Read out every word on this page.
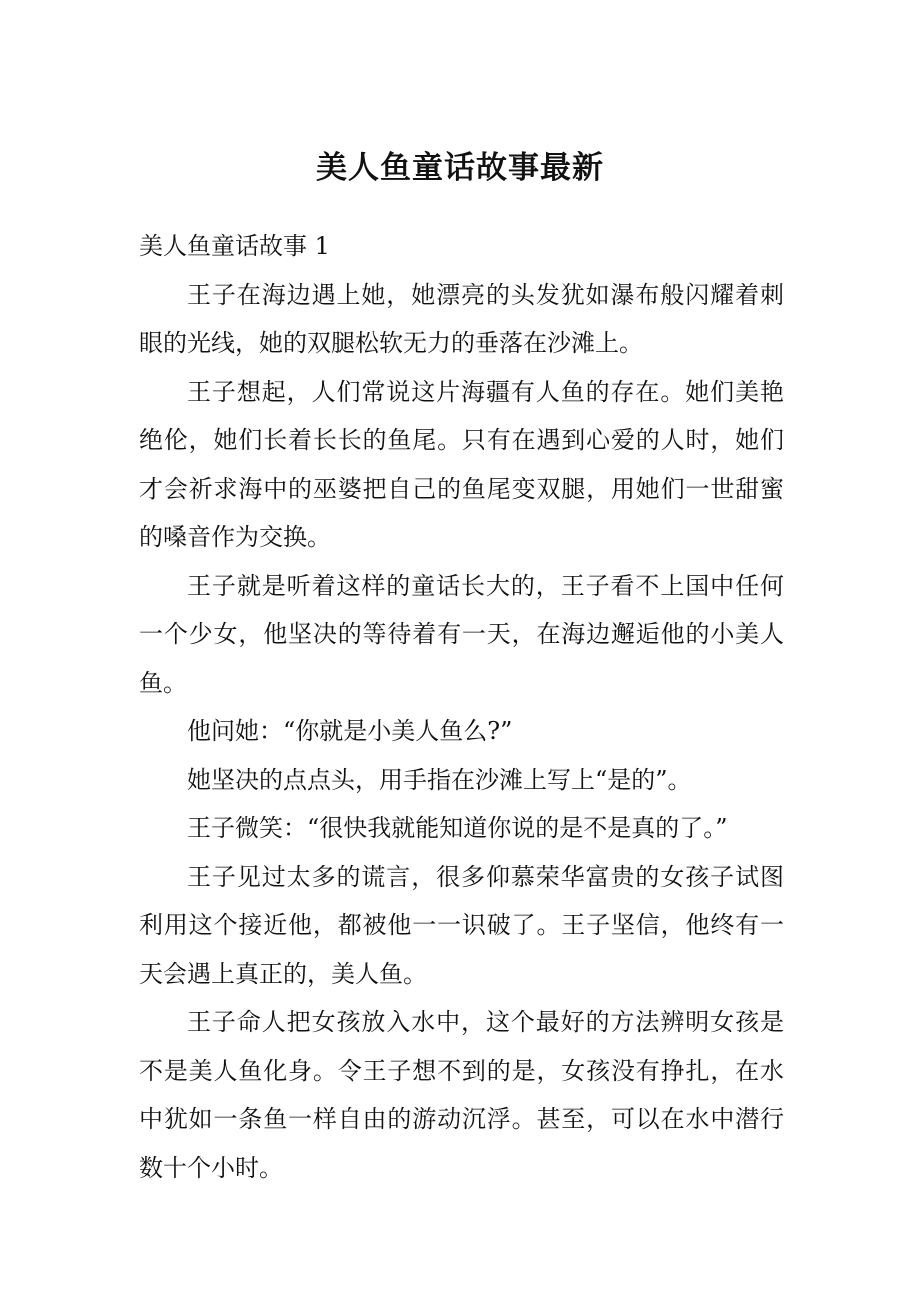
美人鱼童话故事最新

美人鱼童话故事 1

王子在海边遇上她，她漂亮的头发犹如瀑布般闪耀着刺眼的光线，她的双腿松软无力的垂落在沙滩上。

王子想起，人们常说这片海疆有人鱼的存在。她们美艳绝伦，她们长着长长的鱼尾。只有在遇到心爱的人时，她们才会祈求海中的巫婆把自己的鱼尾变双腿，用她们一世甜蜜的嗓音作为交换。

王子就是听着这样的童话长大的，王子看不上国中任何一个少女，他坚决的等待着有一天，在海边邂逅他的小美人鱼。

他问她：“你就是小美人鱼么?”

她坚决的点点头，用手指在沙滩上写上“是的”。

王子微笑：“很快我就能知道你说的是不是真的了。”

王子见过太多的谎言，很多仰慕荣华富贵的女孩子试图利用这个接近他，都被他一一识破了。王子坚信，他终有一天会遇上真正的，美人鱼。

王子命人把女孩放入水中，这个最好的方法辨明女孩是不是美人鱼化身。令王子想不到的是，女孩没有挣扎，在水中犹如一条鱼一样自由的游动沉浮。甚至，可以在水中潜行数十个小时。
